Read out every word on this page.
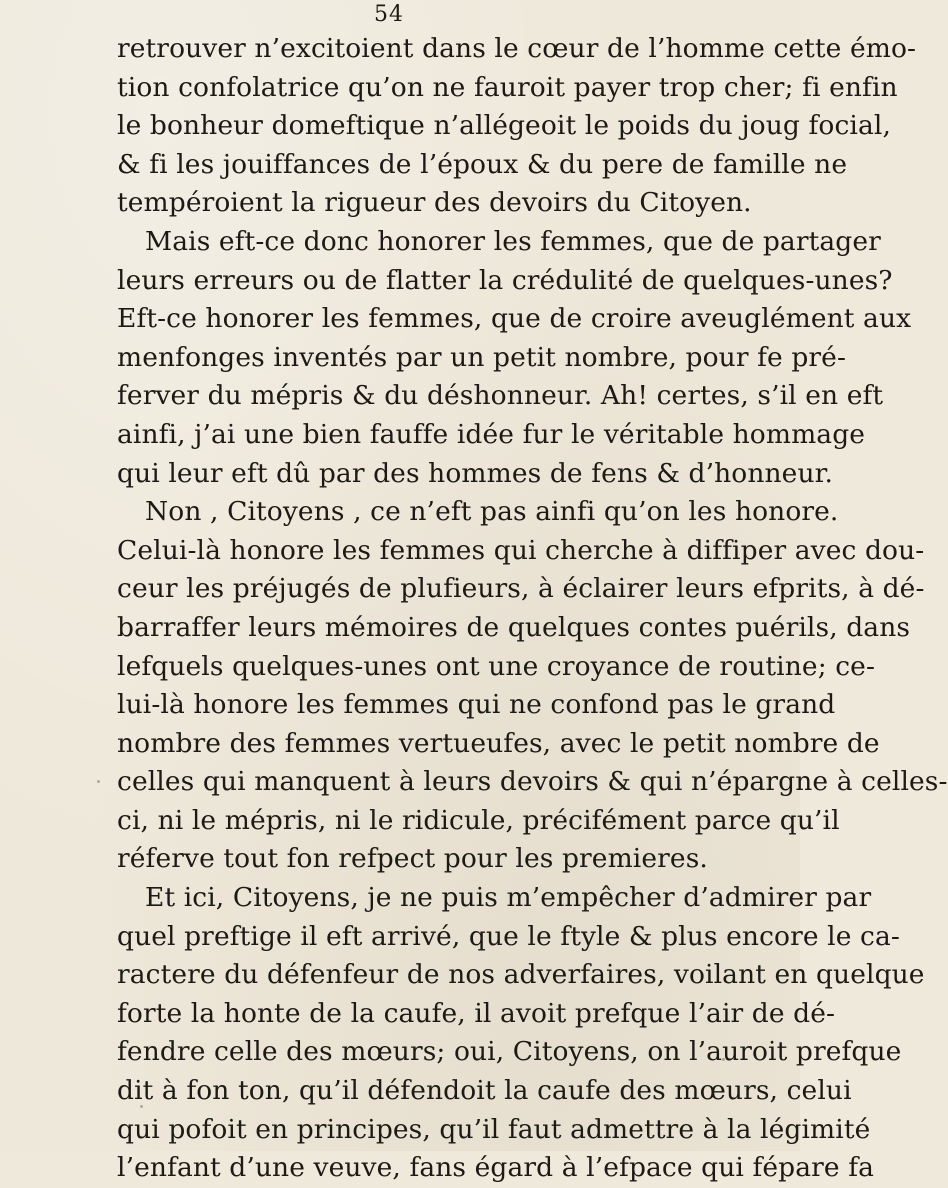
54
retrouver n’excitoient dans le cœur de l’homme cette émo-
tion confolatrice qu’on ne fauroit payer trop cher; fi enfin
le bonheur domeftique n’allégeoit le poids du joug focial,
& fi les jouiffances de l’époux & du pere de famille ne
tempéroient la rigueur des devoirs du Citoyen.
Mais eft-ce donc honorer les femmes, que de partager
leurs erreurs ou de flatter la crédulité de quelques-unes?
Eft-ce honorer les femmes, que de croire aveuglément aux
menfonges inventés par un petit nombre, pour fe pré-
ferver du mépris & du déshonneur. Ah! certes, s’il en eft
ainfi, j’ai une bien fauffe idée fur le véritable hommage
qui leur eft dû par des hommes de fens & d’honneur.
Non , Citoyens , ce n’eft pas ainfi qu’on les honore.
Celui-là honore les femmes qui cherche à diffiper avec dou-
ceur les préjugés de plufieurs, à éclairer leurs efprits, à dé-
barraffer leurs mémoires de quelques contes puérils, dans
lefquels quelques-unes ont une croyance de routine; ce-
lui-là honore les femmes qui ne confond pas le grand
nombre des femmes vertueufes, avec le petit nombre de
celles qui manquent à leurs devoirs & qui n’épargne à celles-
ci, ni le mépris, ni le ridicule, précifément parce qu’il
réferve tout fon refpect pour les premieres.
Et ici, Citoyens, je ne puis m’empêcher d’admirer par
quel preftige il eft arrivé, que le ftyle & plus encore le ca-
ractere du défenfeur de nos adverfaires, voilant en quelque
forte la honte de la caufe, il avoit prefque l’air de dé-
fendre celle des mœurs; oui, Citoyens, on l’auroit prefque
dit à fon ton, qu’il défendoit la caufe des mœurs, celui
qui pofoit en principes, qu’il faut admettre à la légimité
l’enfant d’une veuve, fans égard à l’efpace qui fépare fa
